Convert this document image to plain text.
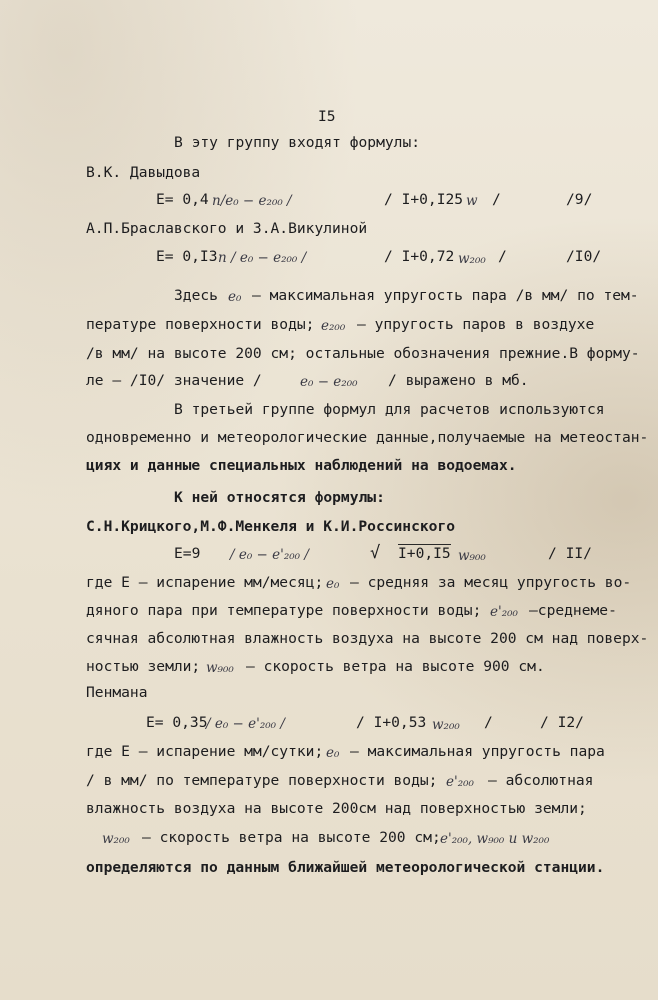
I5
В эту группу входят формулы:
В.К. Давыдова
E= 0,4 n/e₀ − e₂₀₀ /	/ I+0,I25 w /	/9/
А.П.Браславского и З.А.Викулиной
E= 0,I3 n / e₀ − e₂₀₀ /	/ I+0,72 w₂₀₀ /	/I0/
Здесь e₀ – максимальная упругость пара /в мм/ по тем-
пературе поверхности воды; e₂₀₀ – упругость паров в воздухе
/в мм/ на высоте 200 см; остальные обозначения прежние.В форму-
ле – /I0/ значение /	e₀ − e₂₀₀ / выражено в мб.
В третьей группе формул для расчетов используются
одновременно и метеорологические данные,получаемые на метеостан-
циях и данные специальных наблюдений на водоемах.
К ней относятся формулы:
С.Н.Крицкого,М.Ф.Менкеля и К.И.Россинского
E=9 / e₀ − e'₂₀₀ /	√ I+0,I5 w₉₀₀	/ II/
где Е – испарение мм/месяц; e₀ – средняя за месяц упругость во-
дяного пара при температуре поверхности воды; e'₂₀₀ –среднеме-
сячная абсолютная влажность воздуха на высоте 200 см над поверх-
ностью земли; w₉₀₀ – скорость ветра на высоте 900 см.
Пенмана
E= 0,35
/ e₀ − e'₂₀₀ /	/ I+0,53 w₂₀₀ /	/ I2/
где Е – испарение мм/сутки; e₀ – максимальная упругость пара
/ в мм/ по температуре поверхности воды; e'₂₀₀ – абсолютная
влажность воздуха на высоте 200см над поверхностью земли;
w₂₀₀ – скорость ветра на высоте 200 см; e'₂₀₀, w₉₀₀ и w₂₀₀
определяются по данным ближайшей метеорологической станции.
